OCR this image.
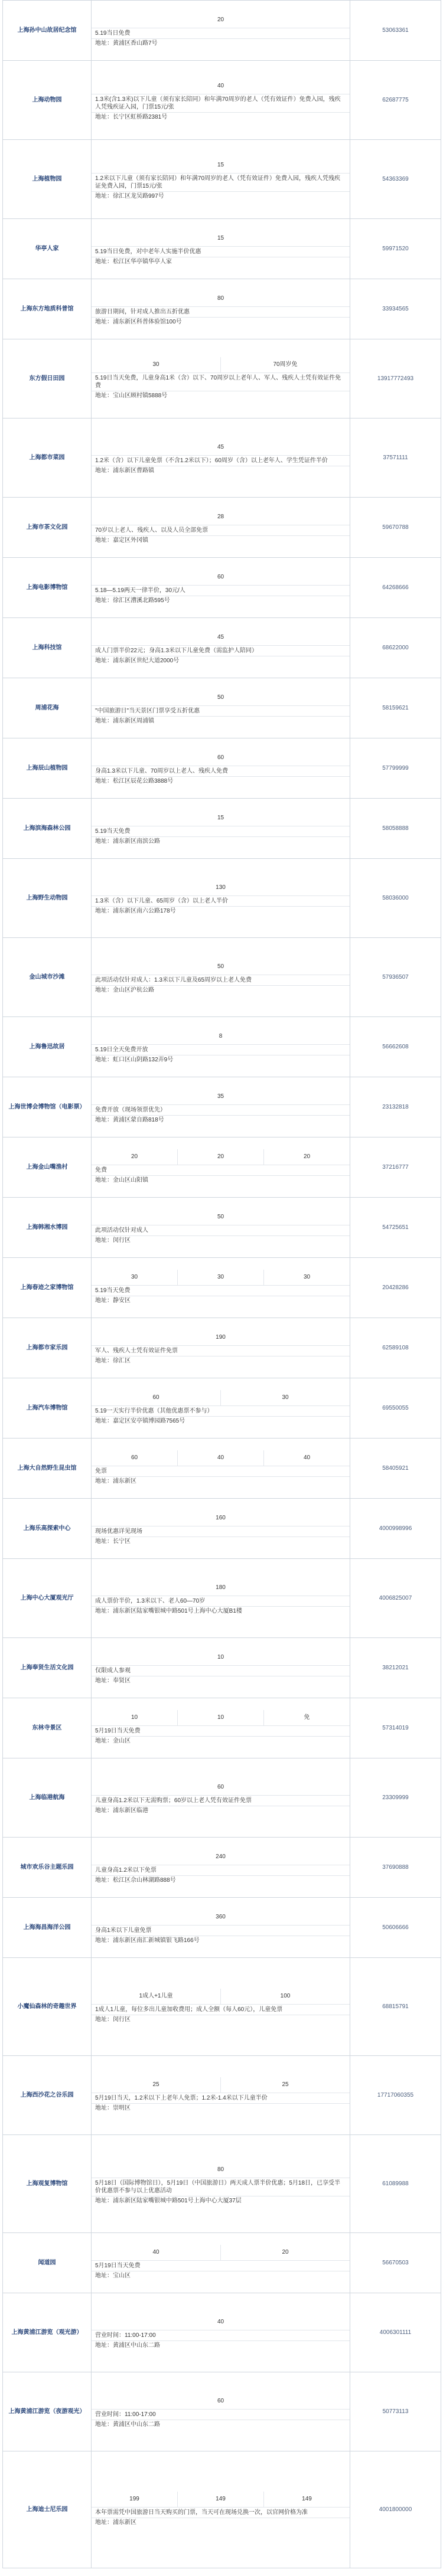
上海孙中山故居纪念馆	20
5.19当日免费
地址：黄浦区香山路7号	53063361
上海动物园	40
1.3米(含1.3米)以下儿童（须有家长陪同）和年满70周岁的老人（凭有效证件）免费入园，残疾人凭残疾证入园，门票15元/张
地址：长宁区虹桥路2381号	62687775
上海植物园	15
1.2米以下儿童（须有家长陪同）和年满70周岁的老人（凭有效证件）免费入园，残疾人凭残疾证免费入园，门票15元/张
地址：徐汇区龙吴路997号	54363369
华亭人家	15
5.19当日免费，对中老年人实施半价优惠
地址：松江区华亭镇华亭人家	59971520
上海东方地质科普馆	80
旅游日期间，针对成人推出五折优惠
地址：浦东新区科普体验馆100号	33934565
东方假日田园	30 70周岁免
5.19日当天免费，儿童身高1米（含）以下、70周岁以上老年人、军人、残疾人士凭有效证件免费
地址：宝山区顾村镇5888号	13917772493
上海都市菜园	45
1.2米（含）以下儿童免票（不含1.2米以下）；60周岁（含）以上老年人、学生凭证件半价
地址：浦东新区曹路镇	37571111
上海市茶文化园	28
70岁以上老人、残疾人、以及人员全部免票
地址：嘉定区外冈镇	59670788
上海电影博物馆	60
5.18—5.19两天一律半价，30元/人
地址：徐汇区漕溪北路595号	64268666
上海科技馆	45
成人门票半价22元；身高1.3米以下儿童免费（需监护人陪同）
地址：浦东新区世纪大道2000号	68622000
周浦花海	50
"中国旅游日"当天景区门票享受五折优惠
地址：浦东新区周浦镇	58159621
上海辰山植物园	60
身高1.3米以下儿童、70周岁以上老人、残疾人免费
地址：松江区辰花公路3888号	57799999
上海滨海森林公园	15
5.19当天免费
地址：浦东新区南滨公路	58058888
上海野生动物园	130
1.3米（含）以下儿童、65周岁（含）以上老人半价
地址：浦东新区南六公路178号	58036000
金山城市沙滩	50
此项活动仅针对成人：1.3米以下儿童及65周岁以上老人免费
地址：金山区沪杭公路	57936507
上海鲁迅故居	8
5.19日全天免费开放
地址：虹口区山阴路132弄9号	56662608
上海世博会博物馆（电影票）	35
免费开放（现场领票优先）
地址：黄浦区蒙自路818号	23132818
上海金山嘴渔村	20 20 20
免费
地址：金山区山阳镇	37216777
上海韩湘水博园	50
此项活动仅针对成人
地址：闵行区	54725651
上海春迹之家博物馆	30 30 30
5.19当天免费
地址：静安区	20428286
上海都市家乐园	190
军人、残疾人士凭有效证件免票
地址：徐汇区	62589108
上海汽车博物馆	60 30
5.19一天实行半价优惠（其他优惠票不参与）
地址：嘉定区安亭镇博园路7565号	69550055
上海大自然野生昆虫馆	60 40 40
免票
地址：浦东新区	58405921
上海乐高探索中心	160
现场优惠详见现场
地址：长宁区	4000998996
上海中心大厦观光厅	180
成人票价半价，1.3米以下、老人60—70岁
地址：浦东新区陆家嘴银城中路501号上海中心大厦B1楼	4006825007
上海奉贤生活文化园	10
仅限成人参观
地址：奉贤区	38212021
东林寺景区	10 10 免
5月19日当天免费
地址：金山区	57314019
上海临港航海	60
儿童身高1.2米以下无需购票；60岁以上老人凭有效证件免票
地址：浦东新区临港	23309999
城市欢乐谷主题乐园	240
儿童身高1.2米以下免票
地址：松江区佘山林湖路888号	37690888
上海海昌海洋公园	360
身高1米以下儿童免票
地址：浦东新区南汇新城镇银飞路166号	50606666
小魔仙森林的奇趣世界	1成人+1儿童 100
1成人1儿童，每位多出儿童加收费用；成人全额（每人60元），儿童免票
地址：闵行区	68815791
上海西沙花之谷乐园	25 25
5月19日当天，1.2米以下上老年人免票；1.2米-1.4米以下儿童半价
地址：崇明区	17717060355
上海观复博物馆	80
5月18日（国际博物馆日），5月19日（中国旅游日）两天成人票半价优惠；5月18日，已享受半价优惠票不参与以上优惠活动
地址：浦东新区陆家嘴银城中路501号上海中心大厦37层	61089988
闻道园	40 20
5月19日当天免费
地址：宝山区	56670503
上海黄浦江游览（观光游）	40
营业时间：11:00-17:00
地址：黄浦区中山东二路	4006301111
上海黄浦江游览（夜游观光）	60
营业时间：11:00-17:00
地址：黄浦区中山东二路	50773113
上海迪士尼乐园	199 149 149
本年票需凭中国旅游日当天购买的门票，当天可在现场兑换一次，以官网价格为准
地址：浦东新区	4001800000
